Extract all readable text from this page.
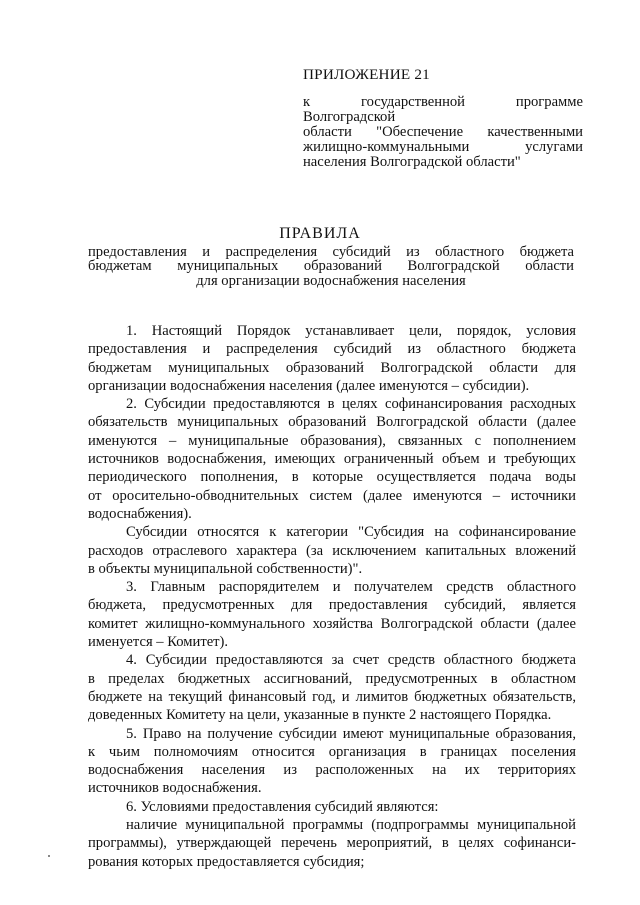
ПРИЛОЖЕНИЕ 21
к государственной программе Волгоградской
области "Обеспечение качественными
жилищно-коммунальными услугами
населения Волгоградской области"
ПРАВИЛА
предоставления и распределения субсидий из областного бюджета
бюджетам муниципальных образований Волгоградской области
для организации водоснабжения населения
1. Настоящий Порядок устанавливает цели, порядок, условия
предоставления и распределения субсидий из областного бюджета
бюджетам муниципальных образований Волгоградской области для
организации водоснабжения населения (далее именуются – субсидии).
2. Субсидии предоставляются в целях софинансирования расходных
обязательств муниципальных образований Волгоградской области (далее
именуются – муниципальные образования), связанных с пополнением
источников водоснабжения, имеющих ограниченный объем и требующих
периодического пополнения, в которые осуществляется подача воды
от оросительно-обводнительных систем (далее именуются – источники
водоснабжения).
Субсидии относятся к категории "Субсидия на софинансирование
расходов отраслевого характера (за исключением капитальных вложений
в объекты муниципальной собственности)".
3. Главным распорядителем и получателем средств областного
бюджета, предусмотренных для предоставления субсидий, является
комитет жилищно-коммунального хозяйства Волгоградской области (далее
именуется – Комитет).
4. Субсидии предоставляются за счет средств областного бюджета
в пределах бюджетных ассигнований, предусмотренных в областном
бюджете на текущий финансовый год, и лимитов бюджетных обязательств,
доведенных Комитету на цели, указанные в пункте 2 настоящего Порядка.
5. Право на получение субсидии имеют муниципальные образования,
к чьим полномочиям относится организация в границах поселения
водоснабжения населения из расположенных на их территориях
источников водоснабжения.
6. Условиями предоставления субсидий являются:
наличие муниципальной программы (подпрограммы муниципальной
программы), утверждающей перечень мероприятий, в целях софинанси-
рования которых предоставляется субсидия;
